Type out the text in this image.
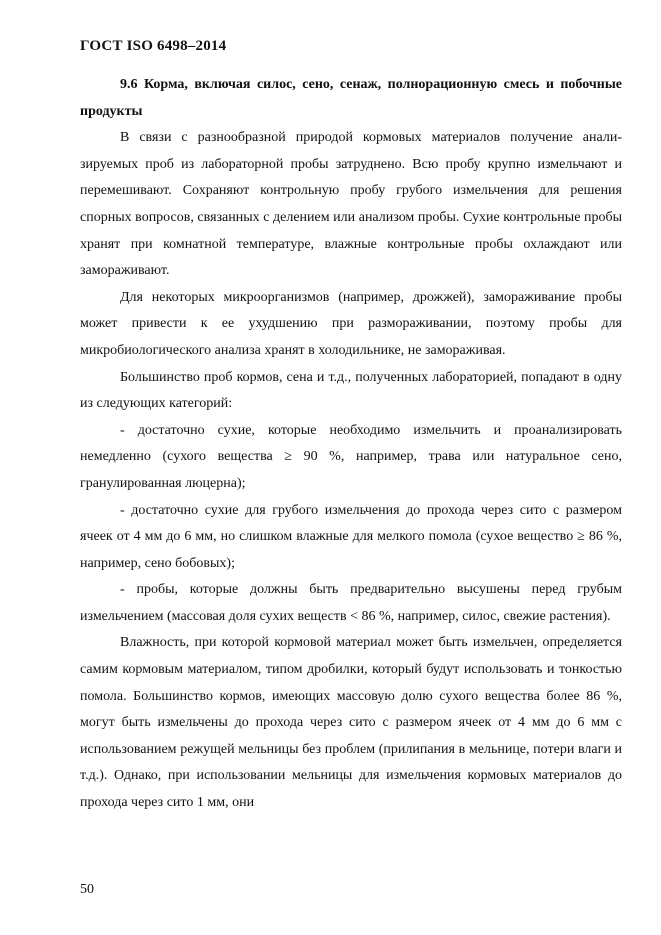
ГОСТ ISO 6498–2014

9.6 Корма, включая силос, сено, сенаж, полнорационную смесь и побочные продукты

В связи с разнообразной природой кормовых материалов получение анализируемых проб из лабораторной пробы затруднено. Всю пробу крупно измельчают и перемешивают. Сохраняют контрольную пробу грубого измельчения для решения спорных вопросов, связанных с делением или анализом пробы. Сухие контрольные пробы хранят при комнатной температуре, влажные контрольные пробы охлаждают или замораживают.

Для некоторых микроорганизмов (например, дрожжей), замораживание пробы может привести к ее ухудшению при размораживании, поэтому пробы для микробиологического анализа хранят в холодильнике, не замораживая.

Большинство проб кормов, сена и т.д., полученных лабораторией, попадают в одну из следующих категорий:

- достаточно сухие, которые необходимо измельчить и проанализировать немедленно (сухого вещества ≥ 90 %, например, трава или натуральное сено, гранулированная люцерна);

- достаточно сухие для грубого измельчения до прохода через сито с размером ячеек от 4 мм до 6 мм, но слишком влажные для мелкого помола (сухое вещество ≥ 86 %, например, сено бобовых);

- пробы, которые должны быть предварительно высушены перед грубым измельчением (массовая доля сухих веществ < 86 %, например, силос, свежие растения).

Влажность, при которой кормовой материал может быть измельчен, определяется самим кормовым материалом, типом дробилки, который будут использовать и тонкостью помола. Большинство кормов, имеющих массовую долю сухого вещества более 86 %, могут быть измельчены до прохода через сито с размером ячеек от 4 мм до 6 мм с использованием режущей мельницы без проблем (прилипания в мельнице, потери влаги и т.д.). Однако, при использовании мельницы для измельчения кормовых материалов до прохода через сито 1 мм, они

50
